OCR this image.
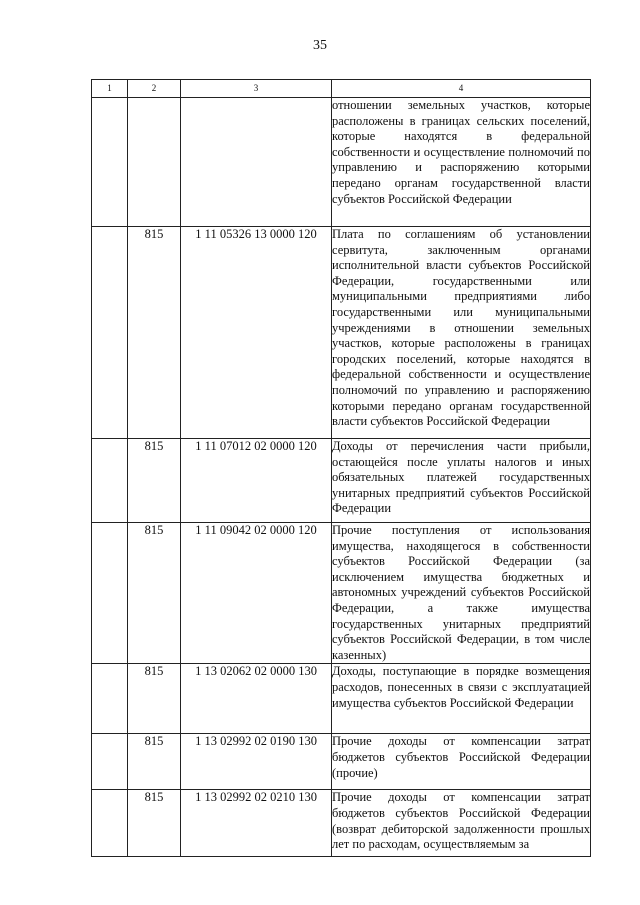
35
1	2	3	4

			отношении земельных участков, которые расположены в границах сельских поселений, которые находятся в федеральной собственности и осуществление полномочий по управлению и распоряжению которыми передано органам государственной власти субъектов Российской Федерации

	815	1 11 05326 13 0000 120	Плата по соглашениям об установлении сервитута, заключенным органами исполнительной власти субъектов Российской Федерации, государственными или муниципальными предприятиями либо государственными или муниципальными учреждениями в отношении земельных участков, которые расположены в границах городских поселений, которые находятся в федеральной собственности и осуществление полномочий по управлению и распоряжению которыми передано органам государственной власти субъектов Российской Федерации

	815	1 11 07012 02 0000 120	Доходы от перечисления части прибыли, остающейся после уплаты налогов и иных обязательных платежей государственных унитарных предприятий субъектов Российской Федерации

	815	1 11 09042 02 0000 120	Прочие поступления от использования имущества, находящегося в собственности субъектов Российской Федерации (за исключением имущества бюджетных и автономных учреждений субъектов Российской Федерации, а также имущества государственных унитарных предприятий субъектов Российской Федерации, в том числе казенных)

	815	1 13 02062 02 0000 130	Доходы, поступающие в порядке возмещения расходов, понесенных в связи с эксплуатацией имущества субъектов Российской Федерации

	815	1 13 02992 02 0190 130	Прочие доходы от компенсации затрат бюджетов субъектов Российской Федерации (прочие)

	815	1 13 02992 02 0210 130	Прочие доходы от компенсации затрат бюджетов субъектов Российской Федерации (возврат дебиторской задолженности прошлых лет по расходам, осуществляемым за
